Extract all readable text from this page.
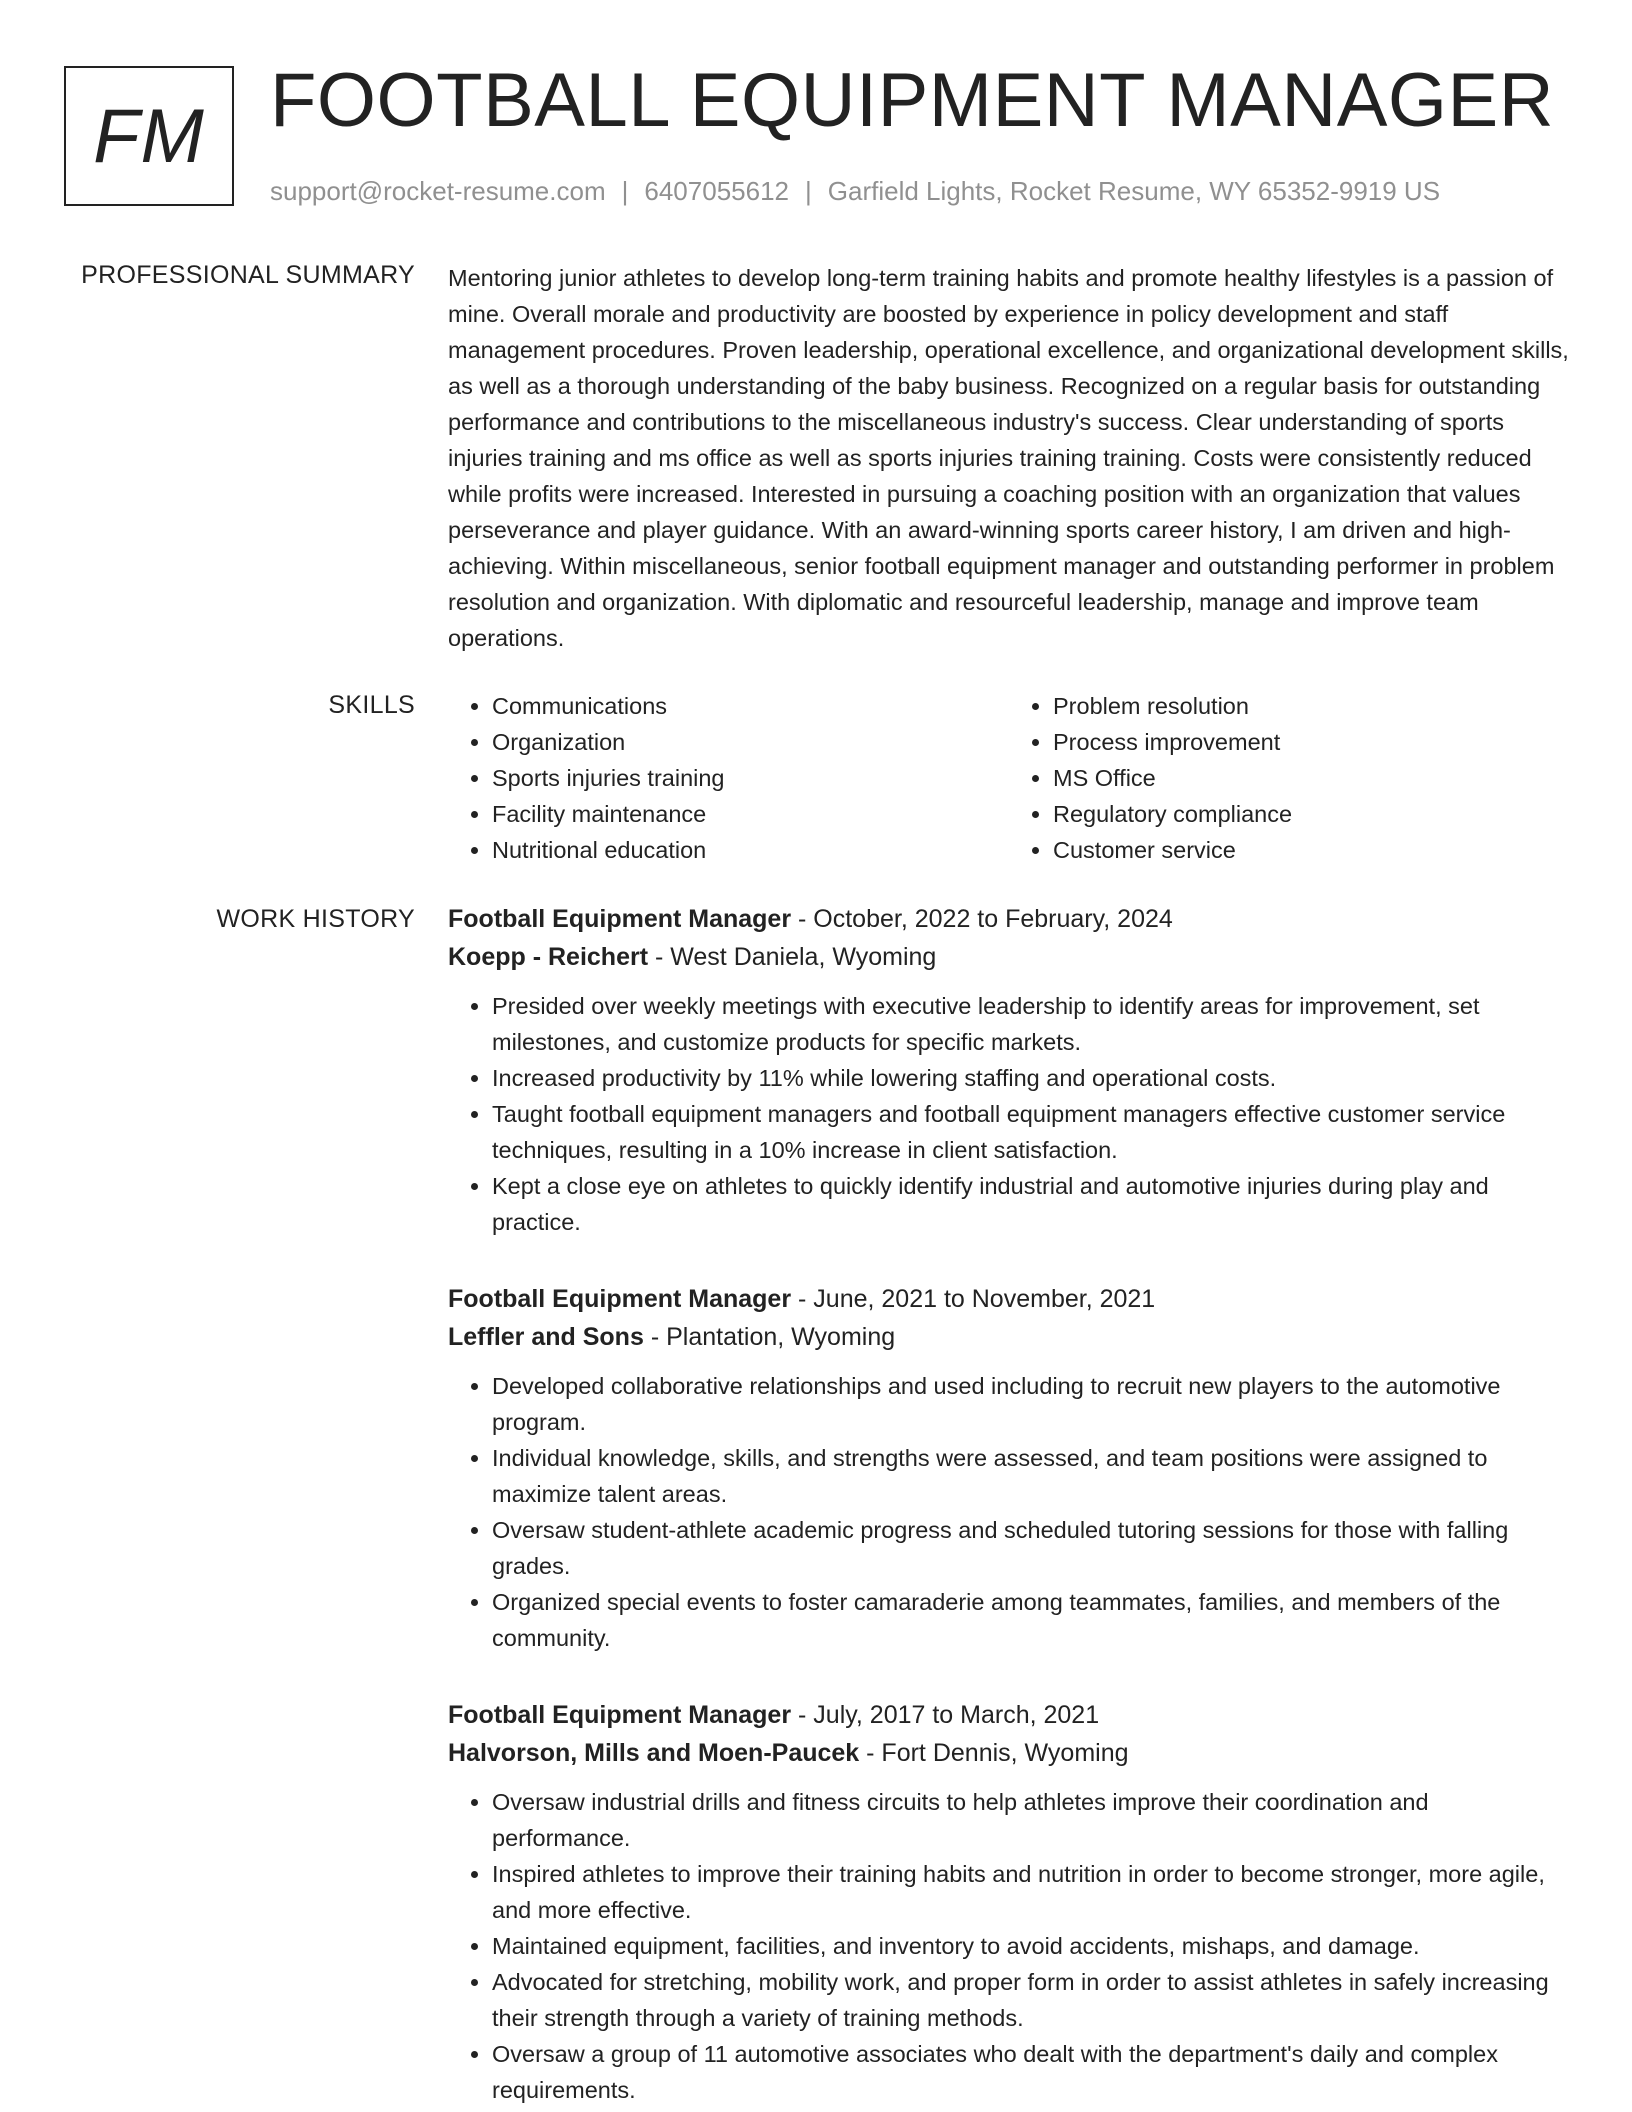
FM FOOTBALL EQUIPMENT MANAGER
support@rocket-resume.com | 6407055612 | Garfield Lights, Rocket Resume, WY 65352-9919 US
PROFESSIONAL SUMMARY Mentoring junior athletes to develop long-term training habits and promote healthy lifestyles is a passion of mine. Overall morale and productivity are boosted by experience in policy development and staff management procedures. Proven leadership, operational excellence, and organizational development skills, as well as a thorough understanding of the baby business. Recognized on a regular basis for outstanding performance and contributions to the miscellaneous industry's success. Clear understanding of sports injuries training and ms office as well as sports injuries training training. Costs were consistently reduced while profits were increased. Interested in pursuing a coaching position with an organization that values perseverance and player guidance. With an award-winning sports career history, I am driven and high-achieving. Within miscellaneous, senior football equipment manager and outstanding performer in problem resolution and organization. With diplomatic and resourceful leadership, manage and improve team operations.

SKILLS
•	Communications
• Organization
• Sports injuries training
• Facility maintenance
• Nutritional education
• Problem resolution
• Process improvement
• MS Office
• Regulatory compliance
• Customer service
WORK HISTORY Football Equipment Manager - October, 2022 to February, 2024

Koepp - Reichert - West Daniela, Wyoming

• Presided over weekly meetings with executive leadership to identify areas for improvement, set milestones, and customize products for specific markets.
• Increased productivity by 11% while lowering staffing and operational costs.
• Taught football equipment managers and football equipment managers effective customer service techniques, resulting in a 10% increase in client satisfaction.
• Kept a close eye on athletes to quickly identify industrial and automotive injuries during play and practice.

Football Equipment Manager - June, 2021 to November, 2021

Leffler and Sons - Plantation, Wyoming

• Developed collaborative relationships and used including to recruit new players to the automotive program.
• Individual knowledge, skills, and strengths were assessed, and team positions were assigned to maximize talent areas.
• Oversaw student-athlete academic progress and scheduled tutoring sessions for those with falling grades.
• Organized special events to foster camaraderie among teammates, families, and members of the community.

Football Equipment Manager - July, 2017 to March, 2021

Halvorson, Mills and Moen-Paucek - Fort Dennis, Wyoming

• Oversaw industrial drills and fitness circuits to help athletes improve their coordination and performance.
• Inspired athletes to improve their training habits and nutrition in order to become stronger, more agile, and more effective.
• Maintained equipment, facilities, and inventory to avoid accidents, mishaps, and damage.
• Advocated for stretching, mobility work, and proper form in order to assist athletes in safely increasing their strength through a variety of training methods.
• Oversaw a group of 11 automotive associates who dealt with the department's daily and complex requirements.
